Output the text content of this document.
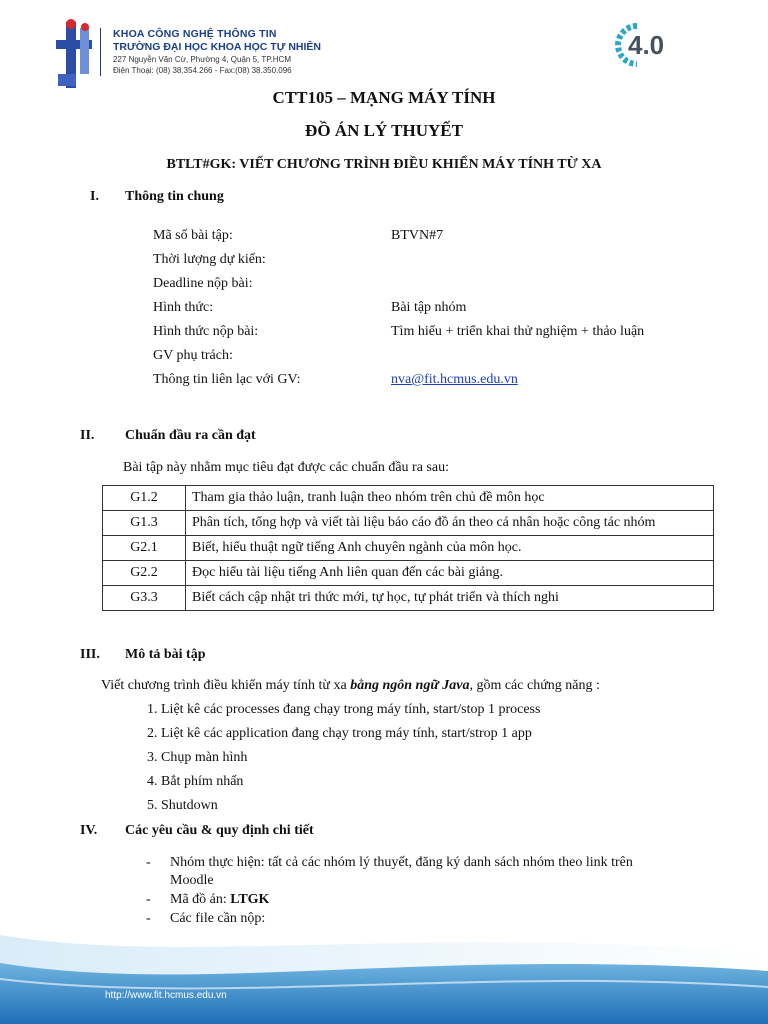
KHOA CÔNG NGHỆ THÔNG TIN
TRƯỜNG ĐẠI HỌC KHOA HỌC TỰ NHIÊN
227 Nguyễn Văn Cừ, Phường 4, Quận 5, TP.HCM
Điện Thoại: (08) 38.354.266 - Fax:(08) 38.350.096
4.0
CTT105 – MẠNG MÁY TÍNH
ĐỒ ÁN LÝ THUYẾT
BTLT#GK: VIẾT CHƯƠNG TRÌNH ĐIỀU KHIỂN MÁY TÍNH TỪ XA
I. Thông tin chung
Mã số bài tập:	BTVN#7
Thời lượng dự kiến:
Deadline nộp bài:
Hình thức:	Bài tập nhóm
Hình thức nộp bài:	Tìm hiểu + triển khai thử nghiệm + thảo luận
GV phụ trách:
Thông tin liên lạc với GV:	nva@fit.hcmus.edu.vn
II. Chuẩn đầu ra cần đạt
Bài tập này nhằm mục tiêu đạt được các chuẩn đầu ra sau:
G1.2	Tham gia thảo luận, tranh luận theo nhóm trên chủ đề môn học
G1.3	Phân tích, tổng hợp và viết tài liệu báo cáo đồ án theo cá nhân hoặc công tác nhóm
G2.1	Biết, hiểu thuật ngữ tiếng Anh chuyên ngành của môn học.
G2.2	Đọc hiểu tài liệu tiếng Anh liên quan đến các bài giảng.
G3.3	Biết cách cập nhật tri thức mới, tự học, tự phát triển và thích nghi
III. Mô tả bài tập
Viết chương trình điều khiển máy tính từ xa bằng ngôn ngữ Java, gồm các chứng năng :
1. Liệt kê các processes đang chạy trong máy tính, start/stop 1 process
2. Liệt kê các application đang chạy trong máy tính, start/strop 1 app
3. Chụp màn hình
4. Bắt phím nhấn
5. Shutdown
IV. Các yêu cầu & quy định chi tiết
- Nhóm thực hiện: tất cả các nhóm lý thuyết, đăng ký danh sách nhóm theo link trên
Moodle
- Mã đồ án: LTGK
- Các file cần nộp:
http://www.fit.hcmus.edu.vn
